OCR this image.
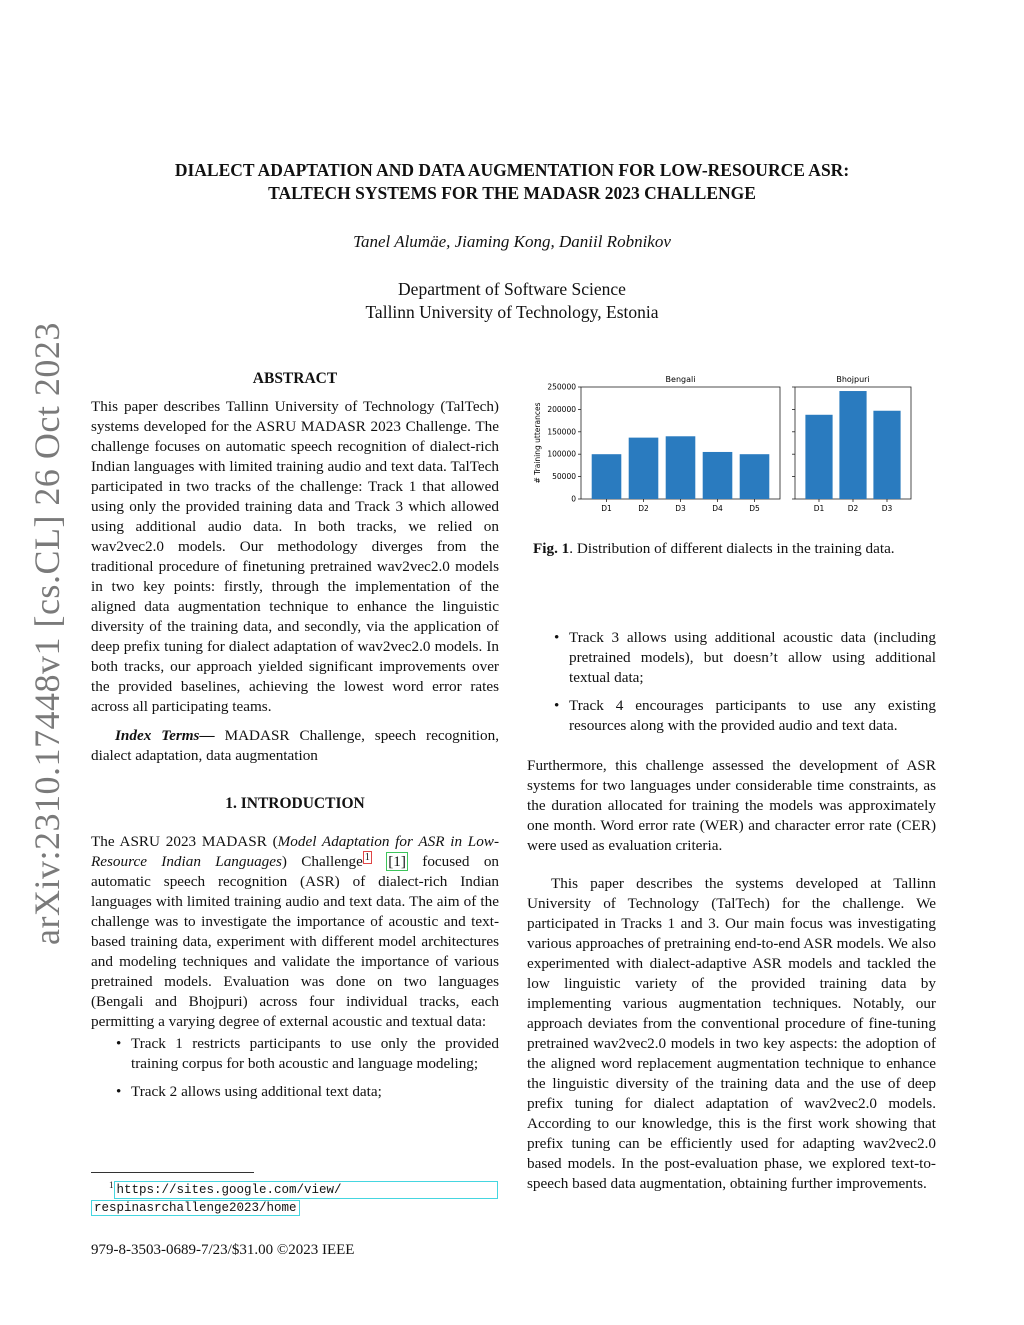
DIALECT ADAPTATION AND DATA AUGMENTATION FOR LOW-RESOURCE ASR:
TALTECH SYSTEMS FOR THE MADASR 2023 CHALLENGE
Tanel Alumäe, Jiaming Kong, Daniil Robnikov
Department of Software Science
Tallinn University of Technology, Estonia
arXiv:2310.17448v1 [cs.CL] 26 Oct 2023	ABSTRACT

This paper describes Tallinn University of Technology (TalTech) systems developed for the ASRU MADASR 2023 Challenge. The challenge focuses on automatic speech recognition of dialect-rich Indian languages with limited training audio and text data. TalTech participated in two tracks of the challenge: Track 1 that allowed using only the provided training data and Track 3 which allowed using additional audio data. In both tracks, we relied on wav2vec2.0 models. Our methodology diverges from the traditional procedure of finetuning pretrained wav2vec2.0 models in two key points: firstly, through the implementation of the aligned data augmentation technique to enhance the linguistic diversity of the training data, and secondly, via the application of deep prefix tuning for dialect adaptation of wav2vec2.0 models. In both tracks, our approach yielded significant improvements over the provided baselines, achieving the lowest word error rates across all participating teams.

Index Terms— MADASR Challenge, speech recognition, dialect adaptation, data augmentation

1. INTRODUCTION

The ASRU 2023 MADASR (Model Adaptation for ASR in Low-Resource Indian Languages) Challenge $^1$ [1] focused on automatic speech recognition (ASR) of dialect-rich Indian languages with limited training audio and text data. The aim of the challenge was to investigate the importance of acoustic and text-based training data, experiment with different model architectures and modeling techniques and validate the importance of various pretrained models. Evaluation was done on two languages (Bengali and Bhojpuri) across four individual tracks, each permitting a varying degree of external acoustic and textual data:

• Track 1 restricts participants to use only the provided training corpus for both acoustic and language modeling;
• Track 2 allows using additional text data;
$^1$ https://sites.google.com/view/
respinasrchallenge2023/home
979-8-3503-0689-7/23/$31.00 ©2023 IEEE
# Training utterances
0
50000
100000
150000
200000
250000
Bengali
D1	D2	D3	D4	D5
Bhojpuri
D1	D2	D3
Fig. 1. Distribution of different dialects in the training data.
• Track 3 allows using additional acoustic data (including pretrained models), but doesn’t allow using additional textual data;
• Track 4 encourages participants to use any existing resources along with the provided audio and text data.

Furthermore, this challenge assessed the development of ASR systems for two languages under considerable time constraints, as the duration allocated for training the models was approximately one month. Word error rate (WER) and character error rate (CER) were used as evaluation criteria.

This paper describes the systems developed at Tallinn University of Technology (TalTech) for the challenge. We participated in Tracks 1 and 3. Our main focus was investigating various approaches of pretraining end-to-end ASR models. We also experimented with dialect-adaptive ASR models and tackled the low linguistic variety of the provided training data by implementing various augmentation techniques. Notably, our approach deviates from the conventional procedure of fine-tuning pretrained wav2vec2.0 models in two key aspects: the adoption of the aligned word replacement augmentation technique to enhance the linguistic diversity of the training data and the use of deep prefix tuning for dialect adaptation of wav2vec2.0 models. According to our knowledge, this is the first work showing that prefix tuning can be efficiently used for adapting wav2vec2.0 based models. In the post-evaluation phase, we explored text-to-speech based data augmentation, obtaining further improvements.
